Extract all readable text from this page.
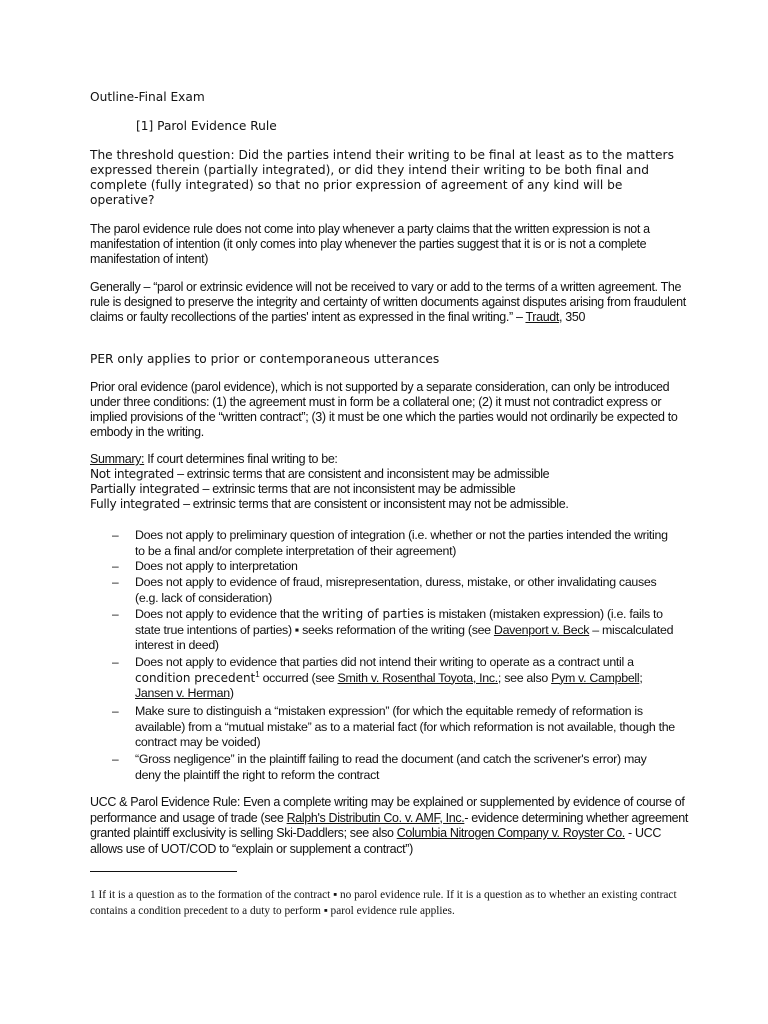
Outline-Final Exam

[1] Parol Evidence Rule

The threshold question: Did the parties intend their writing to be final at least as to the matters expressed therein (partially integrated), or did they intend their writing to be both final and complete (fully integrated) so that no prior expression of agreement of any kind will be operative?

The parol evidence rule does not come into play whenever a party claims that the written expression is not a manifestation of intention (it only comes into play whenever the parties suggest that it is or is not a complete manifestation of intent)

Generally – “parol or extrinsic evidence will not be received to vary or add to the terms of a written agreement. The rule is designed to preserve the integrity and certainty of written documents against disputes arising from fraudulent claims or faulty recollections of the parties' intent as expressed in the final writing.” – Traudt, 350

PER only applies to prior or contemporaneous utterances

Prior oral evidence (parol evidence), which is not supported by a separate consideration, can only be introduced under three conditions: (1) the agreement must in form be a collateral one; (2) it must not contradict express or implied provisions of the “written contract”; (3) it must be one which the parties would not ordinarily be expected to embody in the writing.

Summary: If court determines final writing to be:
Not integrated – extrinsic terms that are consistent and inconsistent may be admissible
Partially integrated – extrinsic terms that are not inconsistent may be admissible
Fully integrated – extrinsic terms that are consistent or inconsistent may not be admissible.
– Does not apply to preliminary question of integration (i.e. whether or not the parties intended the writing to be a final and/or complete interpretation of their agreement)
– Does not apply to interpretation
– Does not apply to evidence of fraud, misrepresentation, duress, mistake, or other invalidating causes (e.g. lack of consideration)
– Does not apply to evidence that the writing of parties is mistaken (mistaken expression) (i.e. fails to state true intentions of parties) ▪ seeks reformation of the writing (see Davenport v. Beck – miscalculated interest in deed)
– Does not apply to evidence that parties did not intend their writing to operate as a contract until a condition precedent$^1$ occurred (see Smith v. Rosenthal Toyota, Inc.; see also Pym v. Campbell; Jansen v. Herman)
– Make sure to distinguish a “mistaken expression” (for which the equitable remedy of reformation is available) from a “mutual mistake” as to a material fact (for which reformation is not available, though the contract may be voided)
– “Gross negligence” in the plaintiff failing to read the document (and catch the scrivener's error) may deny the plaintiff the right to reform the contract

UCC & Parol Evidence Rule: Even a complete writing may be explained or supplemented by evidence of course of performance and usage of trade (see Ralph's Distributin Co. v. AMF, Inc.- evidence determining whether agreement granted plaintiff exclusivity is selling Ski-Daddlers; see also Columbia Nitrogen Company v. Royster Co. - UCC allows use of UOT/COD to “explain or supplement a contract”)

1 If it is a question as to the formation of the contract ▪ no parol evidence rule. If it is a question as to whether an existing contract contains a condition precedent to a duty to perform ▪ parol evidence rule applies.
